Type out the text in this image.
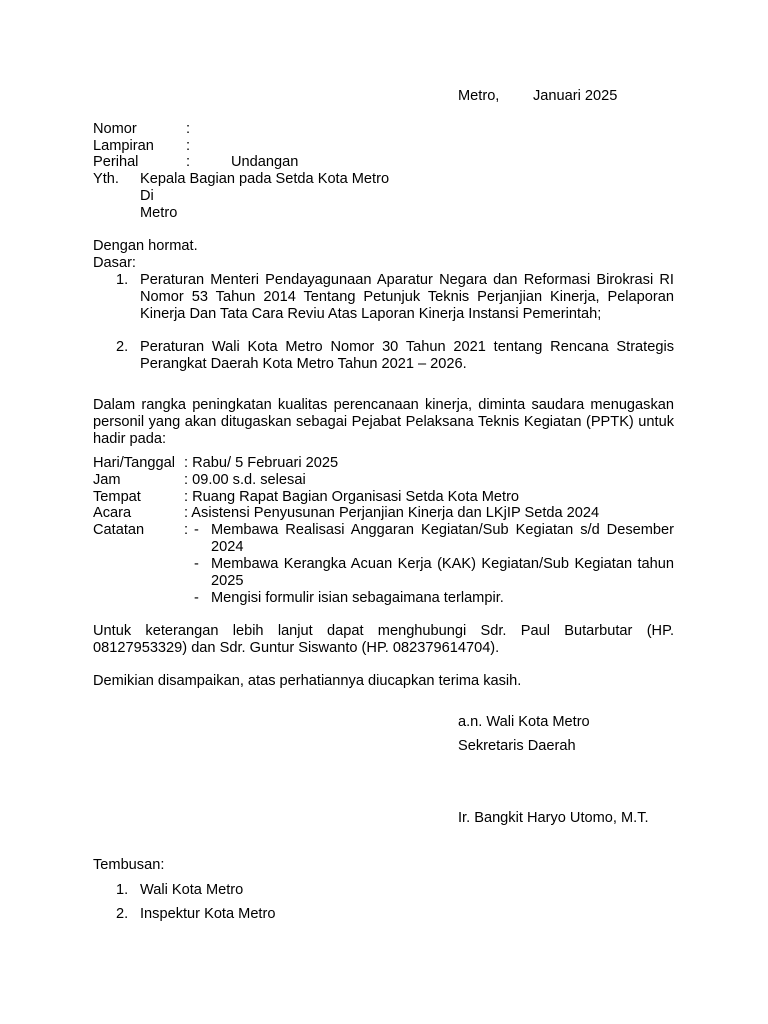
Metro, Januari 2025
Nomor	:
Lampiran :
Perihal	:	Undangan
Yth. Kepala Bagian pada Setda Kota Metro
Di
Metro
Dengan hormat.
Dasar:
1. Peraturan Menteri Pendayagunaan Aparatur Negara dan Reformasi Birokrasi RI Nomor 53 Tahun 2014 Tentang Petunjuk Teknis Perjanjian Kinerja, Pelaporan Kinerja Dan Tata Cara Reviu Atas Laporan Kinerja Instansi Pemerintah;
2. Peraturan Wali Kota Metro Nomor 30 Tahun 2021 tentang Rencana Strategis Perangkat Daerah Kota Metro Tahun 2021 – 2026.
Dalam rangka peningkatan kualitas perencanaan kinerja, diminta saudara menugaskan personil yang akan ditugaskan sebagai Pejabat Pelaksana Teknis Kegiatan (PPTK) untuk hadir pada:
Hari/Tanggal : Rabu/ 5 Februari 2025
Jam	: 09.00 s.d. selesai
Tempat	: Ruang Rapat Bagian Organisasi Setda Kota Metro
Acara	: Asistensi Penyusunan Perjanjian Kinerja dan LKjIP Setda 2024
Catatan	: - Membawa Realisasi Anggaran Kegiatan/Sub Kegiatan s/d Desember 2024
- Membawa Kerangka Acuan Kerja (KAK) Kegiatan/Sub Kegiatan tahun 2025
- Mengisi formulir isian sebagaimana terlampir.
Untuk keterangan lebih lanjut dapat menghubungi Sdr. Paul Butarbutar (HP. 08127953329) dan Sdr. Guntur Siswanto (HP. 082379614704).
Demikian disampaikan, atas perhatiannya diucapkan terima kasih.
a.n. Wali Kota Metro
Sekretaris Daerah
Ir. Bangkit Haryo Utomo, M.T.
Tembusan:
1. Wali Kota Metro
2. Inspektur Kota Metro
